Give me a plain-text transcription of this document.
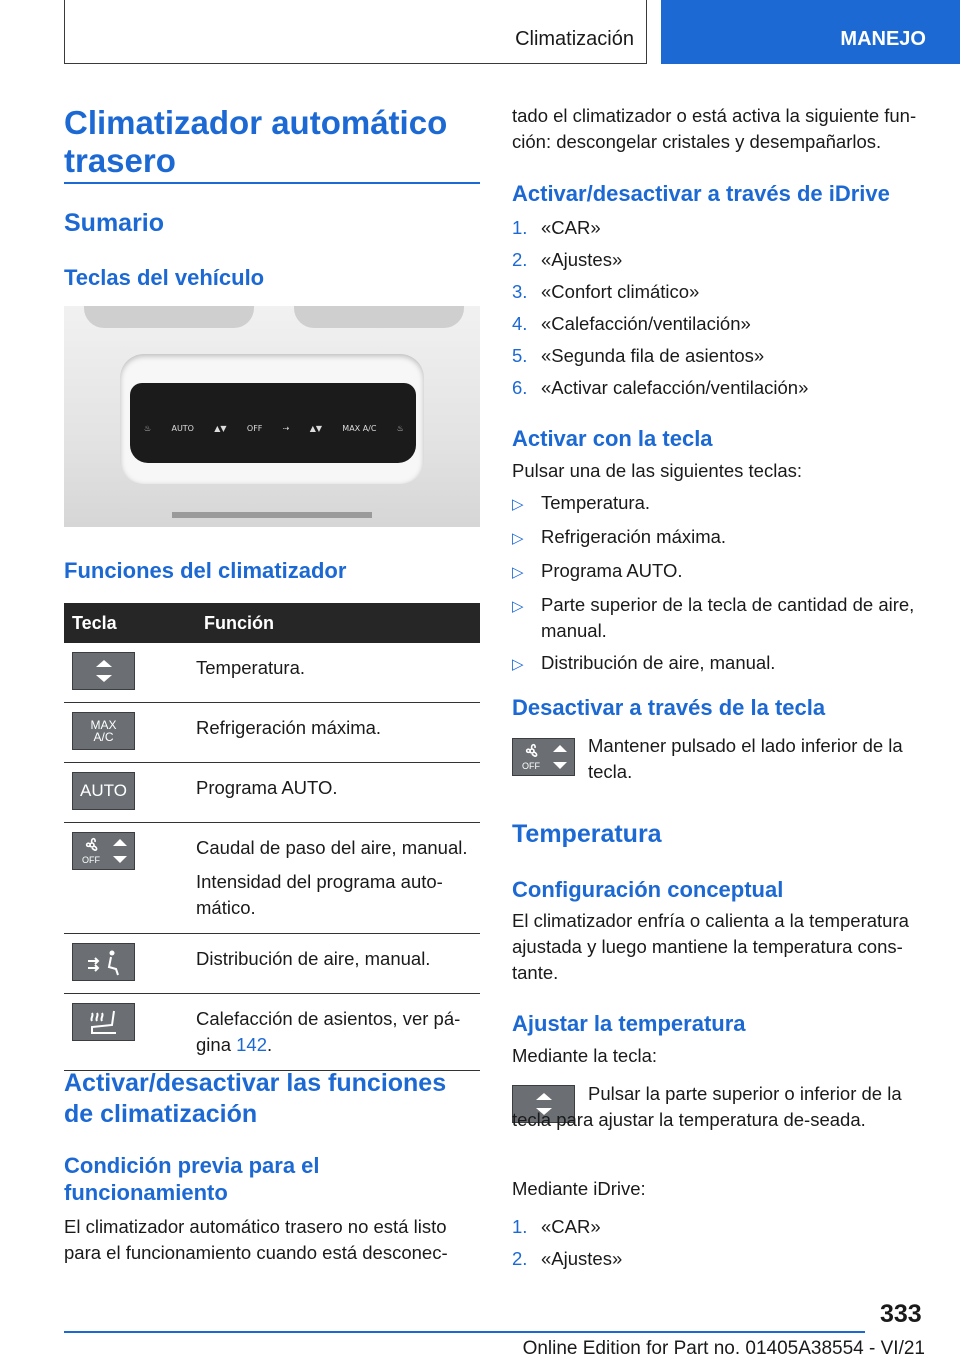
Climatización	MANEJO
Climatizador automático trasero
Sumario
Teclas del vehículo
♨	AUTO	▲▼	OFF	⇢	▲▼	MAX A/C	♨
Funciones del climatizador
Tecla	Función

Temperatura.

MAX
A/C	Refrigeración máxima.

AUTO	Programa AUTO.

OFF	Caudal de paso del aire, manual.

Intensidad del programa auto-mático.

Distribución de aire, manual.

Calefacción de asientos, ver pá-gina 142.

Activar/desactivar las funciones de climatización
Condición previa para el funcionamiento

El climatizador automático trasero no está listo para el funcionamiento cuando está desconec-

tado el climatizador o está activa la siguiente fun-ción: descongelar cristales y desempañarlos.

Activar/desactivar a través de iDrive
1. «CAR»
2. «Ajustes»
3. «Confort climático»
4. «Calefacción/ventilación»
5. «Segunda fila de asientos»
6. «Activar calefacción/ventilación»
Activar con la tecla

Pulsar una de las siguientes teclas:

▷ Temperatura.
▷ Refrigeración máxima.
▷ Programa AUTO.
▷ Parte superior de la tecla de cantidad de aire, manual.
▷ Distribución de aire, manual.
Desactivar a través de la tecla
OFF

Mantener pulsado el lado inferior de la tecla.

Temperatura
Configuración conceptual

El climatizador enfría o calienta a la temperatura ajustada y luego mantiene la temperatura cons-tante.

Ajustar la temperatura

Mediante la tecla:

Pulsar la parte superior o inferior de la tecla para ajustar la temperatura de-seada.

Mediante iDrive:

1. «CAR»
2. «Ajustes»
333
Online Edition for Part no. 01405A38554 - VI/21
